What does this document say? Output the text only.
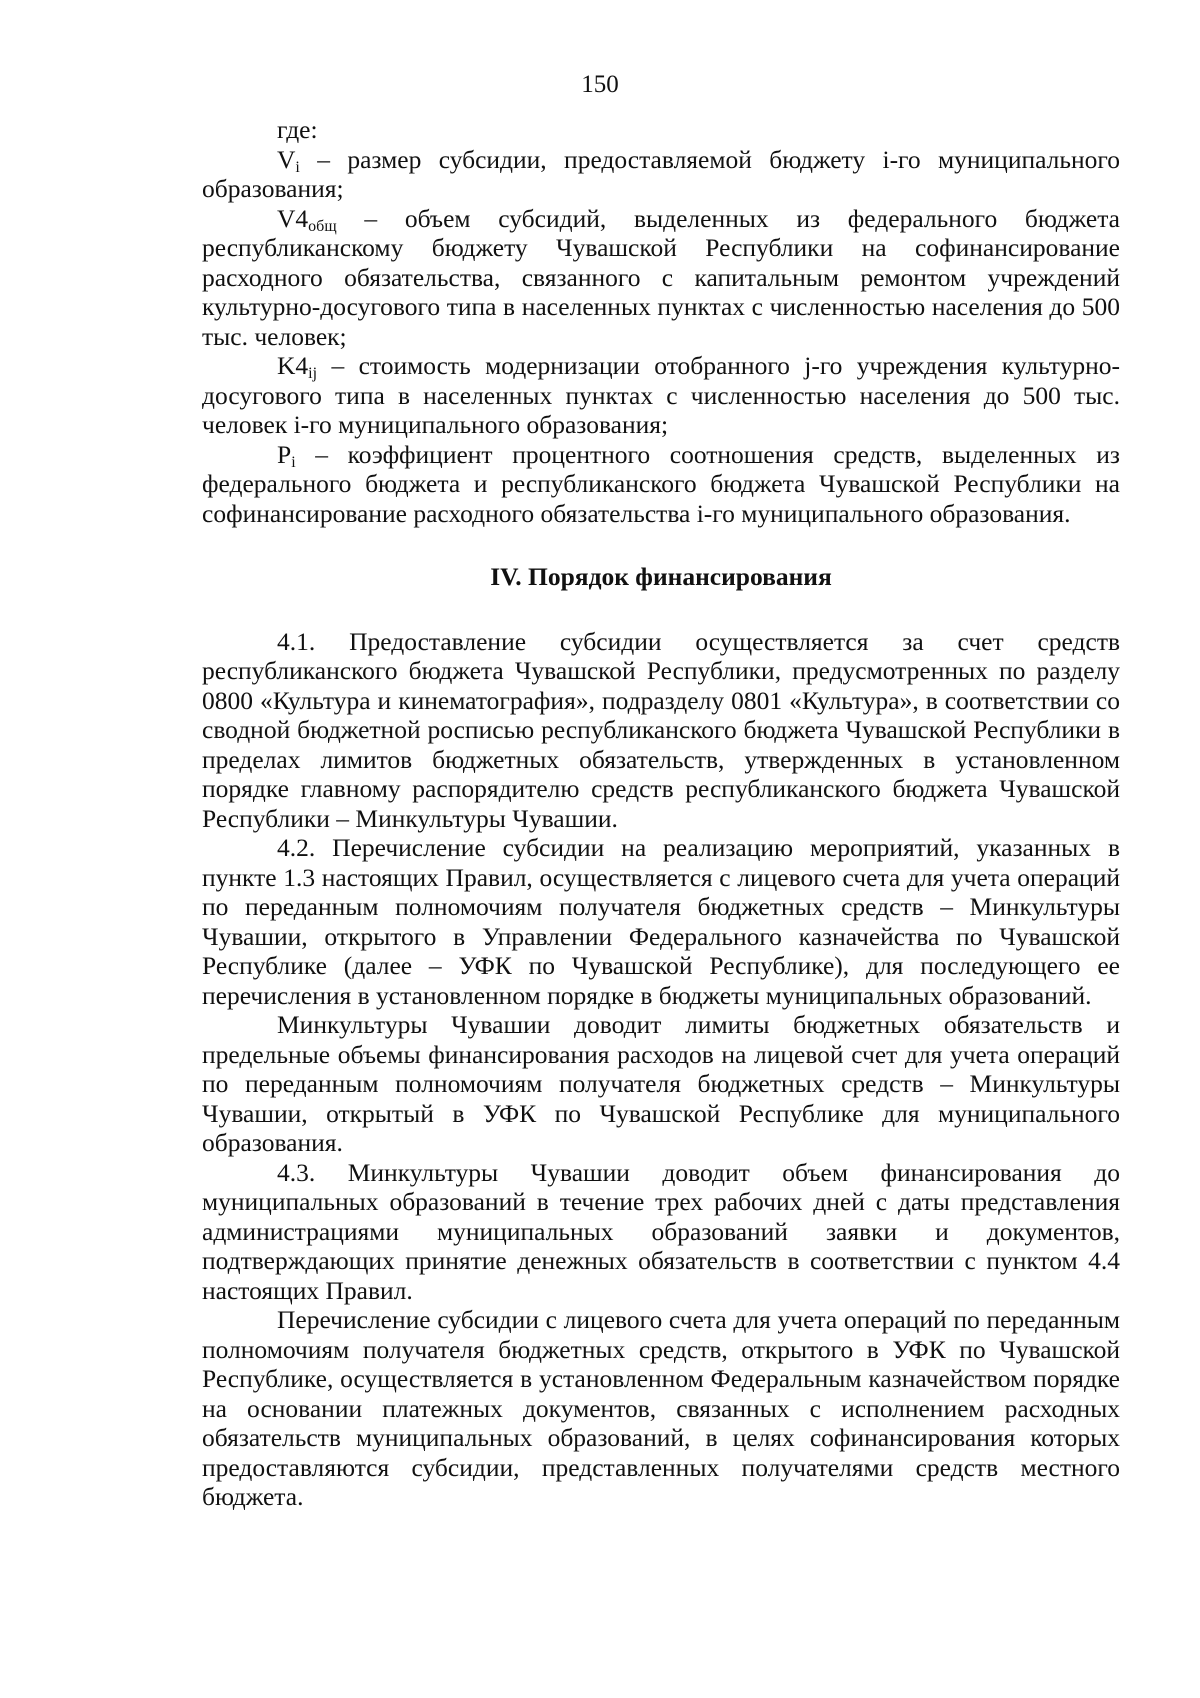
150

где:

$V_i$ – размер субсидии, предоставляемой бюджету i-го муниципального образования;

$V4_{общ}$ – объем субсидий, выделенных из федерального бюджета республиканскому бюджету Чувашской Республики на софинансирование расходного обязательства, связанного с капитальным ремонтом учреждений культурно-досугового типа в населенных пунктах с численностью населения до 500 тыс. человек;

$K4_{ij}$ – стоимость модернизации отобранного j-го учреждения культурно-досугового типа в населенных пунктах с численностью населения до 500 тыс. человек i-го муниципального образования;

$P_i$ – коэффициент процентного соотношения средств, выделенных из федерального бюджета и республиканского бюджета Чувашской Республики на софинансирование расходного обязательства i-го муниципального образования.

IV. Порядок финансирования

4.1. Предоставление субсидии осуществляется за счет средств республиканского бюджета Чувашской Республики, предусмотренных по разделу 0800 «Культура и кинематография», подразделу 0801 «Культура», в соответствии со сводной бюджетной росписью республиканского бюджета Чувашской Республики в пределах лимитов бюджетных обязательств, утвержденных в установленном порядке главному распорядителю средств республиканского бюджета Чувашской Республики – Минкультуры Чувашии.

4.2. Перечисление субсидии на реализацию мероприятий, указанных в пункте 1.3 настоящих Правил, осуществляется с лицевого счета для учета операций по переданным полномочиям получателя бюджетных средств – Минкультуры Чувашии, открытого в Управлении Федерального казначейства по Чувашской Республике (далее – УФК по Чувашской Республике), для последующего ее перечисления в установленном порядке в бюджеты муниципальных образований.

Минкультуры Чувашии доводит лимиты бюджетных обязательств и предельные объемы финансирования расходов на лицевой счет для учета операций по переданным полномочиям получателя бюджетных средств – Минкультуры Чувашии, открытый в УФК по Чувашской Республике для муниципального образования.

4.3. Минкультуры Чувашии доводит объем финансирования до муниципальных образований в течение трех рабочих дней с даты представления администрациями муниципальных образований заявки и документов, подтверждающих принятие денежных обязательств в соответствии с пунктом 4.4 настоящих Правил.

Перечисление субсидии с лицевого счета для учета операций по переданным полномочиям получателя бюджетных средств, открытого в УФК по Чувашской Республике, осуществляется в установленном Федеральным казначейством порядке на основании платежных документов, связанных с исполнением расходных обязательств муниципальных образований, в целях софинансирования которых предоставляются субсидии, представленных получателями средств местного бюджета.
